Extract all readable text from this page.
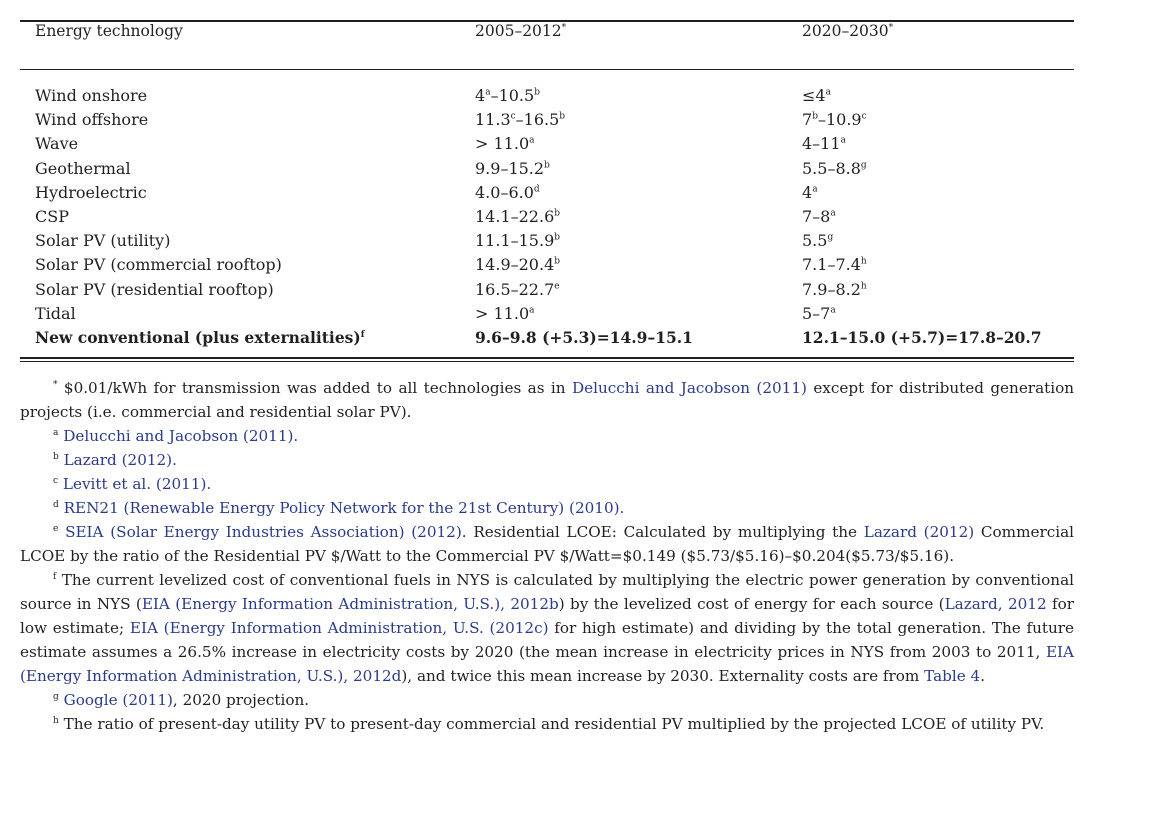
Energy technology	2005–2012*	2020–2030*
Wind onshore	$4^a-10.5^b$	$\le 4^a$
Wind offshore	11.3$^c$–16.5$^b$	7$^b$–10.9$^c$
Wave	> 11.0$^a$	4–11$^a$
Geothermal	9.9–15.2$^b$	5.5–8.8$^g$
Hydroelectric	4.0–6.0$^d$	4$^a$
CSP	14.1–22.6$^b$	7–8$^a$
Solar PV (utility)	11.1–15.9$^b$	5.5$^g$
Solar PV (commercial rooftop)	14.9–20.4$^b$	7.1–7.4$^h$
Solar PV (residential rooftop)	16.5–22.7e	7.9–8.2$^h$
Tidal	> 11.0$^a$	5–7$^a$
New conventional (plus externalities)$^f$	9.6–9.8 (+5.3)=14.9–15.1	12.1–15.0 (+5.7)=17.8–20.7
* $0.01/kWh for transmission was added to all technologies as in Delucchi and Jacobson (2011) except for distributed generation projects (i.e. commercial and residential solar PV).
$^a$ Delucchi and Jacobson (2011).
$^b$ Lazard (2012).
$^c$ Levitt et al. (2011).
$^d$ REN21 (Renewable Energy Policy Network for the 21st Century) (2010).
$^e$ SEIA (Solar Energy Industries Association) (2012). Residential LCOE: Calculated by multiplying the Lazard (2012) Commercial LCOE by the ratio of the Residential PV $/Watt to the Commercial PV $/Watt=$0.149 ($5.73/$5.16)–$0.204($5.73/$5.16).
$^f$ The current levelized cost of conventional fuels in NYS is calculated by multiplying the electric power generation by conventional source in NYS (EIA (Energy Information Administration, U.S.), 2012b) by the levelized cost of energy for each source (Lazard, 2012 for low estimate; EIA (Energy Information Administration, U.S. (2012c) for high estimate) and dividing by the total generation. The future estimate assumes a 26.5% increase in electricity costs by 2020 (the mean increase in electricity prices in NYS from 2003 to 2011, EIA (Energy Information Administration, U.S.), 2012d), and twice this mean increase by 2030. Externality costs are from Table 4.
$^g$ Google (2011), 2020 projection.
$^h$ The ratio of present-day utility PV to present-day commercial and residential PV multiplied by the projected LCOE of utility PV.
